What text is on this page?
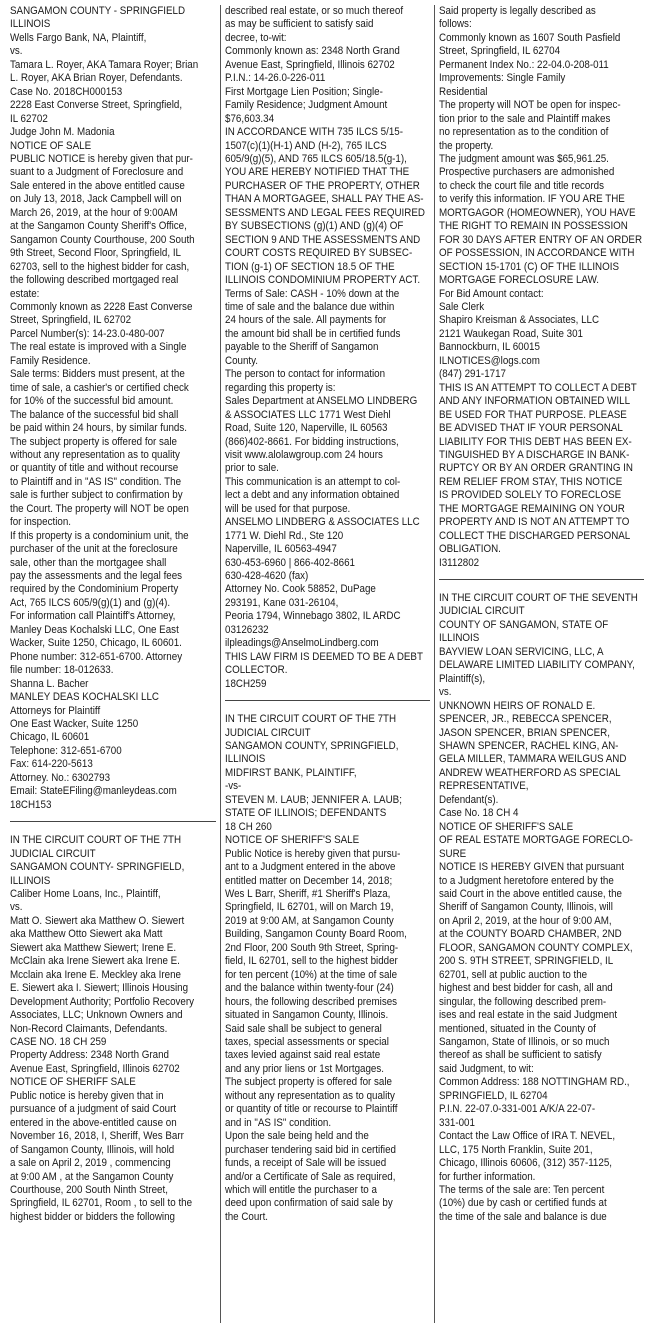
SANGAMON COUNTY - SPRINGFIELD
ILLINOIS
Wells Fargo Bank, NA, Plaintiff,
vs.
Tamara L. Royer, AKA Tamara Royer; Brian
L. Royer, AKA Brian Royer, Defendants.
Case No. 2018CH000153
2228 East Converse Street, Springfield,
IL 62702
Judge John M. Madonia
NOTICE OF SALE
PUBLIC NOTICE is hereby given that pur-
suant to a Judgment of Foreclosure and
Sale entered in the above entitled cause
on July 13, 2018, Jack Campbell will on
March 26, 2019, at the hour of 9:00AM
at the Sangamon County Sheriff's Office,
Sangamon County Courthouse, 200 South
9th Street, Second Floor, Springfield, IL
62703, sell to the highest bidder for cash,
the following described mortgaged real
estate:
Commonly known as 2228 East Converse
Street, Springfield, IL 62702
Parcel Number(s): 14-23.0-480-007
The real estate is improved with a Single
Family Residence.
Sale terms: Bidders must present, at the
time of sale, a cashier's or certified check
for 10% of the successful bid amount.
The balance of the successful bid shall
be paid within 24 hours, by similar funds.
The subject property is offered for sale
without any representation as to quality
or quantity of title and without recourse
to Plaintiff and in "AS IS" condition. The
sale is further subject to confirmation by
the Court. The property will NOT be open
for inspection.
If this property is a condominium unit, the
purchaser of the unit at the foreclosure
sale, other than the mortgagee shall
pay the assessments and the legal fees
required by the Condominium Property
Act, 765 ILCS 605/9(g)(1) and (g)(4).
For information call Plaintiff's Attorney,
Manley Deas Kochalski LLC, One East
Wacker, Suite 1250, Chicago, IL 60601.
Phone number: 312-651-6700. Attorney
file number: 18-012633.
Shanna L. Bacher
MANLEY DEAS KOCHALSKI LLC
Attorneys for Plaintiff
One East Wacker, Suite 1250
Chicago, IL 60601
Telephone: 312-651-6700
Fax: 614-220-5613
Attorney. No.: 6302793
Email: StateEFiling@manleydeas.com
18CH153
IN THE CIRCUIT COURT OF THE 7TH
JUDICIAL CIRCUIT
SANGAMON COUNTY- SPRINGFIELD,
ILLINOIS
Caliber Home Loans, Inc., Plaintiff,
vs.
Matt O. Siewert aka Matthew O. Siewert
aka Matthew Otto Siewert aka Matt
Siewert aka Matthew Siewert; Irene E.
McClain aka Irene Siewert aka Irene E.
Mcclain aka Irene E. Meckley aka Irene
E. Siewert aka I. Siewert; Illinois Housing
Development Authority; Portfolio Recovery
Associates, LLC; Unknown Owners and
Non-Record Claimants, Defendants.
CASE NO. 18 CH 259
Property Address: 2348 North Grand
Avenue East, Springfield, Illinois 62702
NOTICE OF SHERIFF SALE
Public notice is hereby given that in
pursuance of a judgment of said Court
entered in the above-entitled cause on
November 16, 2018, I, Sheriff, Wes Barr
of Sangamon County, Illinois, will hold
a sale on April 2, 2019 , commencing
at 9:00 AM , at the Sangamon County
Courthouse, 200 South Ninth Street,
Springfield, IL 62701, Room , to sell to the
highest bidder or bidders the following
described real estate, or so much thereof
as may be sufficient to satisfy said
decree, to-wit:
Commonly known as: 2348 North Grand
Avenue East, Springfield, Illinois 62702
P.I.N.: 14-26.0-226-011
First Mortgage Lien Position; Single-
Family Residence; Judgment Amount
$76,603.34
IN ACCORDANCE WITH 735 ILCS 5/15-
1507(c)(1)(H-1) AND (H-2), 765 ILCS
605/9(g)(5), AND 765 ILCS 605/18.5(g-1),
YOU ARE HEREBY NOTIFIED THAT THE
PURCHASER OF THE PROPERTY, OTHER
THAN A MORTGAGEE, SHALL PAY THE AS-
SESSMENTS AND LEGAL FEES REQUIRED
BY SUBSECTIONS (g)(1) AND (g)(4) OF
SECTION 9 AND THE ASSESSMENTS AND
COURT COSTS REQUIRED BY SUBSEC-
TION (g-1) OF SECTION 18.5 OF THE
ILLINOIS CONDOMINIUM PROPERTY ACT.
Terms of Sale: CASH - 10% down at the
time of sale and the balance due within
24 hours of the sale. All payments for
the amount bid shall be in certified funds
payable to the Sheriff of Sangamon
County.
The person to contact for information
regarding this property is:
Sales Department at ANSELMO LINDBERG
& ASSOCIATES LLC 1771 West Diehl
Road, Suite 120, Naperville, IL 60563
(866)402-8661. For bidding instructions,
visit www.alolawgroup.com 24 hours
prior to sale.
This communication is an attempt to col-
lect a debt and any information obtained
will be used for that purpose.
ANSELMO LINDBERG & ASSOCIATES LLC
1771 W. Diehl Rd., Ste 120
Naperville, IL 60563-4947
630-453-6960 | 866-402-8661
630-428-4620 (fax)
Attorney No. Cook 58852, DuPage
293191, Kane 031-26104,
Peoria 1794, Winnebago 3802, IL ARDC
03126232
ilpleadings@AnselmoLindberg.com
THIS LAW FIRM IS DEEMED TO BE A DEBT
COLLECTOR.
18CH259
IN THE CIRCUIT COURT OF THE 7TH
JUDICIAL CIRCUIT
SANGAMON COUNTY, SPRINGFIELD,
ILLINOIS
MIDFIRST BANK, PLAINTIFF,
-vs-
STEVEN M. LAUB; JENNIFER A. LAUB;
STATE OF ILLINOIS; DEFENDANTS
18 CH 260
NOTICE OF SHERIFF'S SALE
Public Notice is hereby given that pursu-
ant to a Judgment entered in the above
entitled matter on December 14, 2018;
Wes L Barr, Sheriff, #1 Sheriff's Plaza,
Springfield, IL 62701, will on March 19,
2019 at 9:00 AM, at Sangamon County
Building, Sangamon County Board Room,
2nd Floor, 200 South 9th Street, Spring-
field, IL 62701, sell to the highest bidder
for ten percent (10%) at the time of sale
and the balance within twenty-four (24)
hours, the following described premises
situated in Sangamon County, Illinois.
Said sale shall be subject to general
taxes, special assessments or special
taxes levied against said real estate
and any prior liens or 1st Mortgages.
The subject property is offered for sale
without any representation as to quality
or quantity of title or recourse to Plaintiff
and in "AS IS" condition.
Upon the sale being held and the
purchaser tendering said bid in certified
funds, a receipt of Sale will be issued
and/or a Certificate of Sale as required,
which will entitle the purchaser to a
deed upon confirmation of said sale by
the Court.
Said property is legally described as
follows:
Commonly known as 1607 South Pasfield
Street, Springfield, IL 62704
Permanent Index No.: 22-04.0-208-011
Improvements: Single Family
Residential
The property will NOT be open for inspec-
tion prior to the sale and Plaintiff makes
no representation as to the condition of
the property.
The judgment amount was $65,961.25.
Prospective purchasers are admonished
to check the court file and title records
to verify this information. IF YOU ARE THE
MORTGAGOR (HOMEOWNER), YOU HAVE
THE RIGHT TO REMAIN IN POSSESSION
FOR 30 DAYS AFTER ENTRY OF AN ORDER
OF POSSESSION, IN ACCORDANCE WITH
SECTION 15-1701 (C) OF THE ILLINOIS
MORTGAGE FORECLOSURE LAW.
For Bid Amount contact:
Sale Clerk
Shapiro Kreisman & Associates, LLC
2121 Waukegan Road, Suite 301
Bannockburn, IL 60015
ILNOTICES@logs.com
(847) 291-1717
THIS IS AN ATTEMPT TO COLLECT A DEBT
AND ANY INFORMATION OBTAINED WILL
BE USED FOR THAT PURPOSE. PLEASE
BE ADVISED THAT IF YOUR PERSONAL
LIABILITY FOR THIS DEBT HAS BEEN EX-
TINGUISHED BY A DISCHARGE IN BANK-
RUPTCY OR BY AN ORDER GRANTING IN
REM RELIEF FROM STAY, THIS NOTICE
IS PROVIDED SOLELY TO FORECLOSE
THE MORTGAGE REMAINING ON YOUR
PROPERTY AND IS NOT AN ATTEMPT TO
COLLECT THE DISCHARGED PERSONAL
OBLIGATION.
I3112802
IN THE CIRCUIT COURT OF THE SEVENTH
JUDICIAL CIRCUIT
COUNTY OF SANGAMON, STATE OF
ILLINOIS
BAYVIEW LOAN SERVICING, LLC, A
DELAWARE LIMITED LIABILITY COMPANY,
Plaintiff(s),
vs.
UNKNOWN HEIRS OF RONALD E.
SPENCER, JR., REBECCA SPENCER,
JASON SPENCER, BRIAN SPENCER,
SHAWN SPENCER, RACHEL KING, AN-
GELA MILLER, TAMMARA WEILGUS AND
ANDREW WEATHERFORD AS SPECIAL
REPRESENTATIVE,
Defendant(s).
Case No. 18 CH 4
NOTICE OF SHERIFF'S SALE
OF REAL ESTATE MORTGAGE FORECLO-
SURE
NOTICE IS HEREBY GIVEN that pursuant
to a Judgment heretofore entered by the
said Court in the above entitled cause, the
Sheriff of Sangamon County, Illinois, will
on April 2, 2019, at the hour of 9:00 AM,
at the COUNTY BOARD CHAMBER, 2ND
FLOOR, SANGAMON COUNTY COMPLEX,
200 S. 9TH STREET, SPRINGFIELD, IL
62701, sell at public auction to the
highest and best bidder for cash, all and
singular, the following described prem-
ises and real estate in the said Judgment
mentioned, situated in the County of
Sangamon, State of Illinois, or so much
thereof as shall be sufficient to satisfy
said Judgment, to wit:
Common Address: 188 NOTTINGHAM RD.,
SPRINGFIELD, IL 62704
P.I.N. 22-07.0-331-001 A/K/A 22-07-
331-001
Contact the Law Office of IRA T. NEVEL,
LLC, 175 North Franklin, Suite 201,
Chicago, Illinois 60606, (312) 357-1125,
for further information.
The terms of the sale are: Ten percent
(10%) due by cash or certified funds at
the time of the sale and balance is due
